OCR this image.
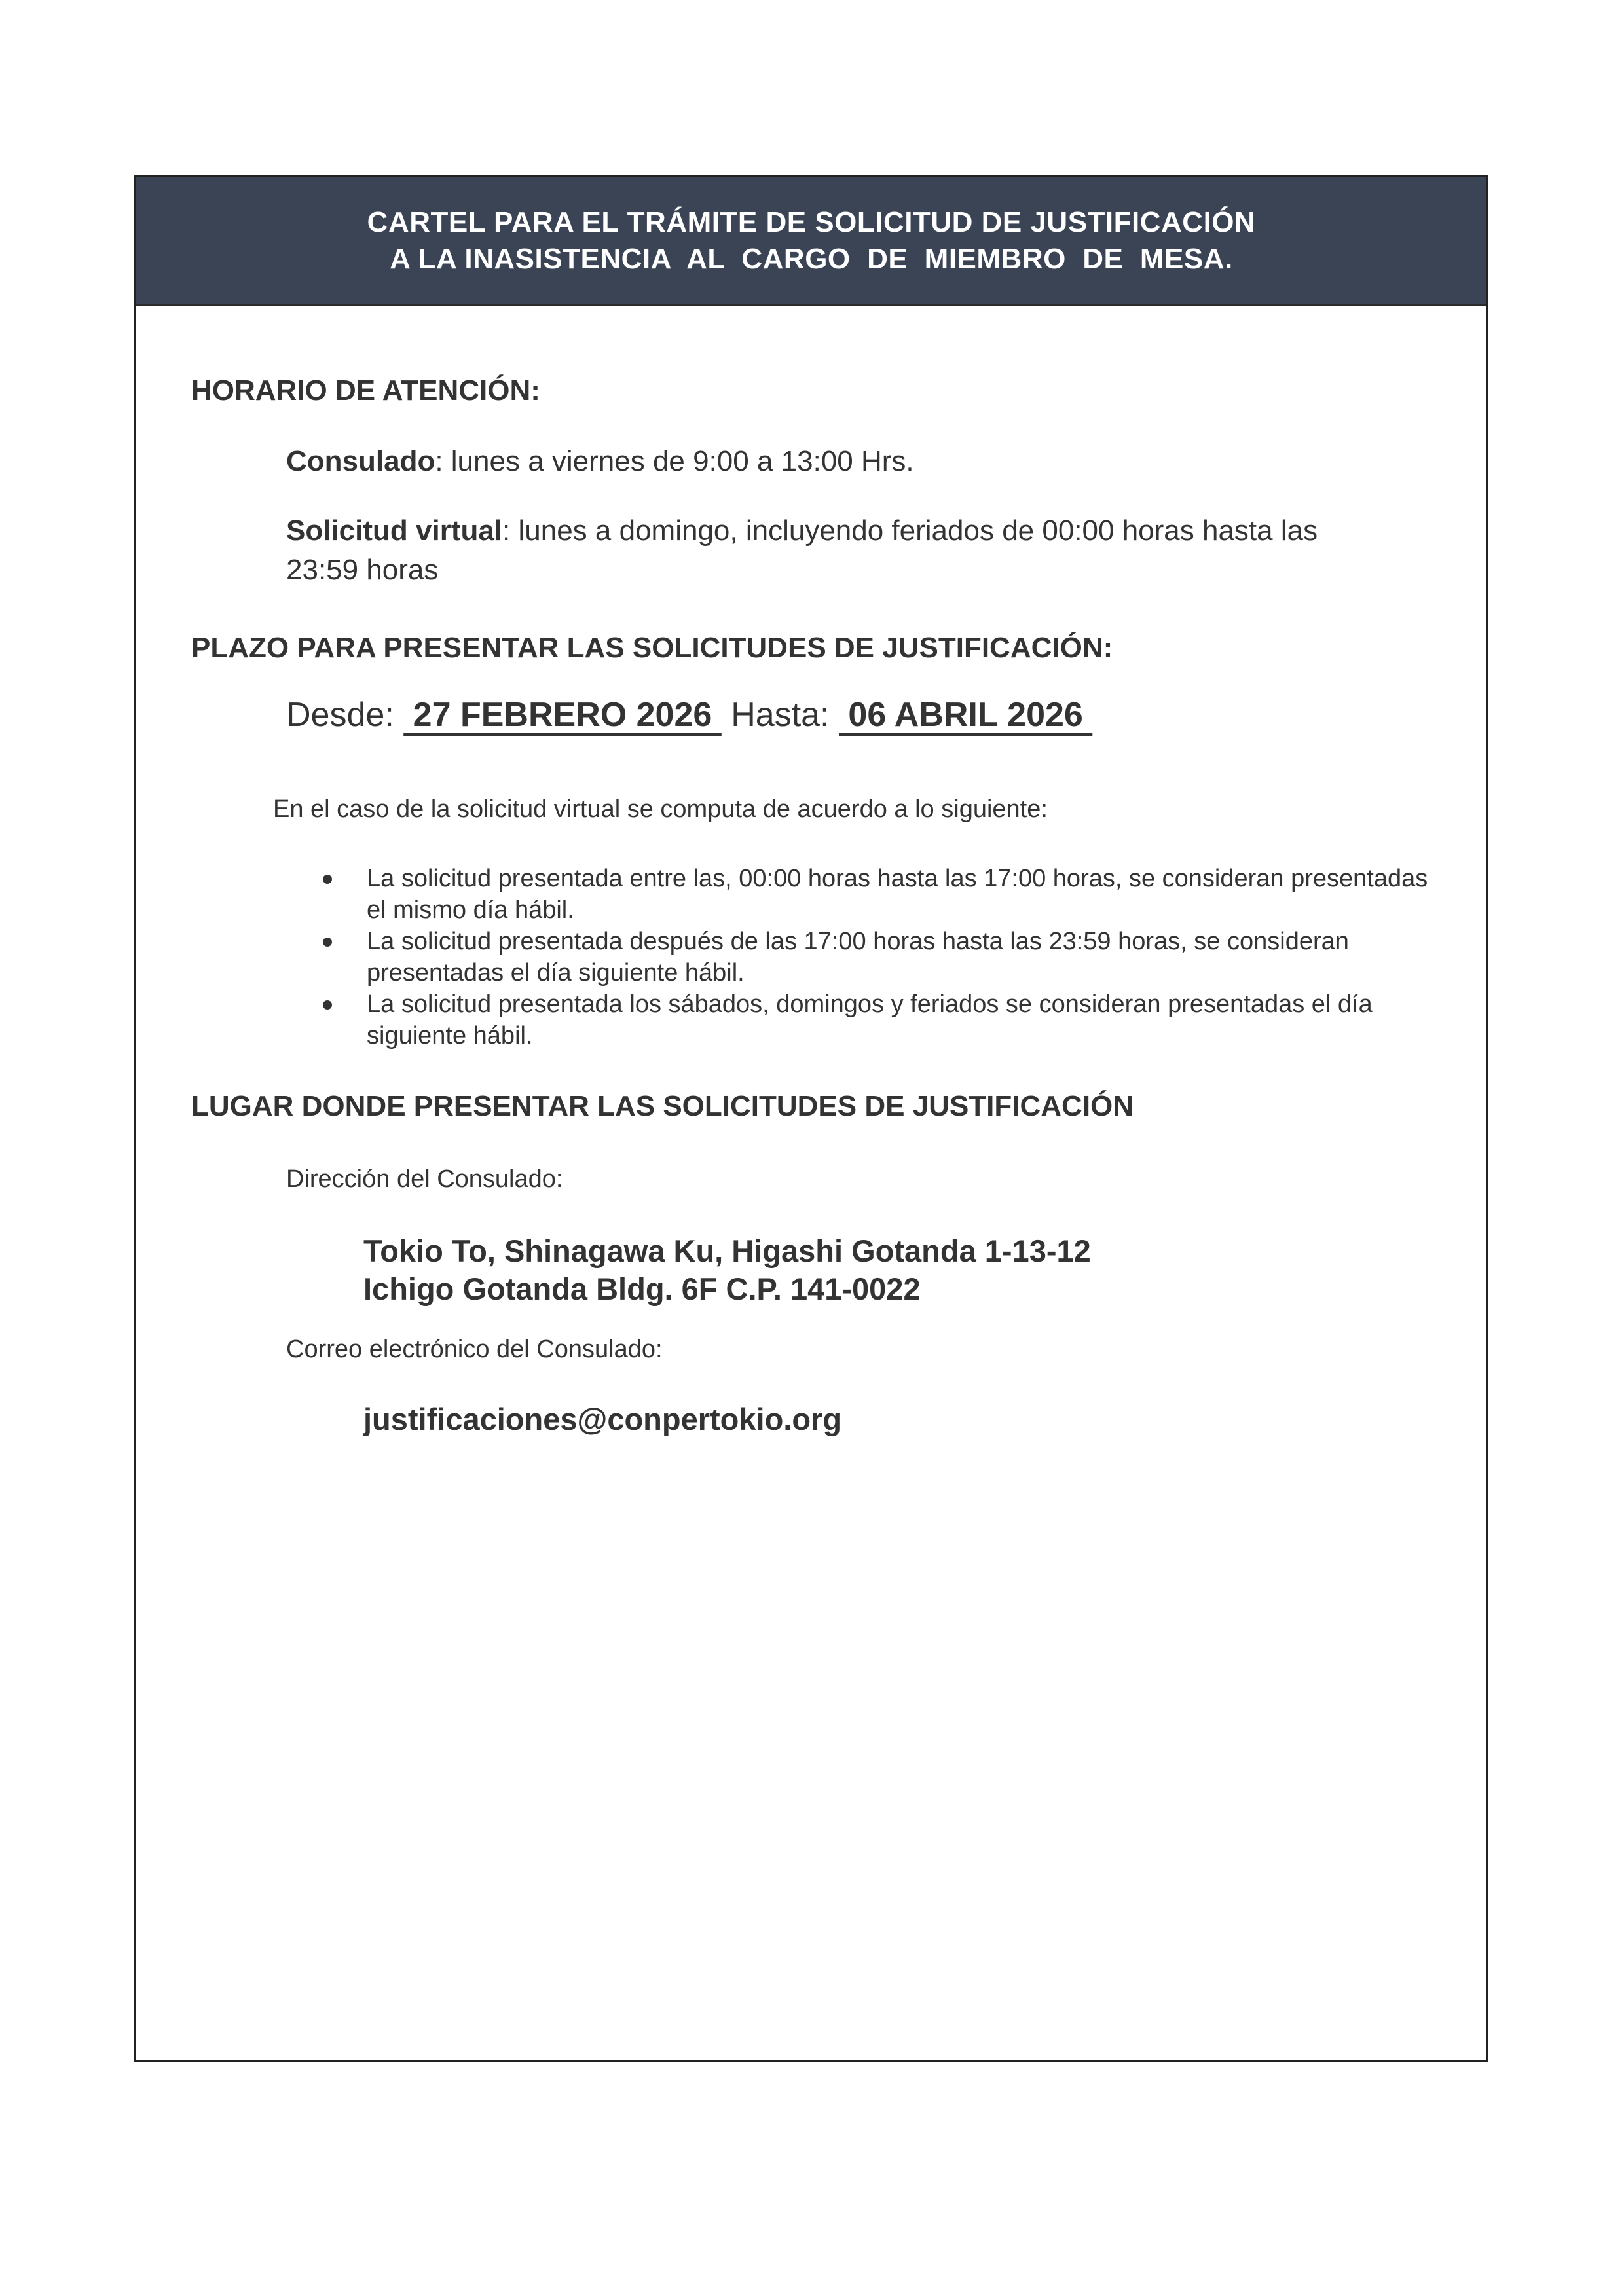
CARTEL PARA EL TRÁMITE DE SOLICITUD DE JUSTIFICACIÓN
A LA INASISTENCIA  AL  CARGO  DE  MIEMBRO  DE  MESA.
HORARIO DE ATENCIÓN:
Consulado: lunes a viernes de 9:00 a 13:00 Hrs.
Solicitud virtual: lunes a domingo, incluyendo feriados de 00:00 horas hasta las
23:59 horas
PLAZO PARA PRESENTAR LAS SOLICITUDES DE JUSTIFICACIÓN:
Desde:  27 FEBRERO 2026  Hasta:  06 ABRIL 2026
En el caso de la solicitud virtual se computa de acuerdo a lo siguiente:
La solicitud presentada entre las, 00:00 horas hasta las 17:00 horas, se consideran presentadas el mismo día hábil.
La solicitud presentada después de las 17:00 horas hasta las 23:59 horas, se consideran presentadas el día siguiente hábil.
La solicitud presentada los sábados, domingos y feriados se consideran presentadas el día siguiente hábil.
LUGAR DONDE PRESENTAR LAS SOLICITUDES DE JUSTIFICACIÓN
Dirección del Consulado:
Tokio To, Shinagawa Ku, Higashi Gotanda 1-13-12
Ichigo Gotanda Bldg. 6F C.P. 141-0022
Correo electrónico del Consulado:
justificaciones@conpertokio.org
